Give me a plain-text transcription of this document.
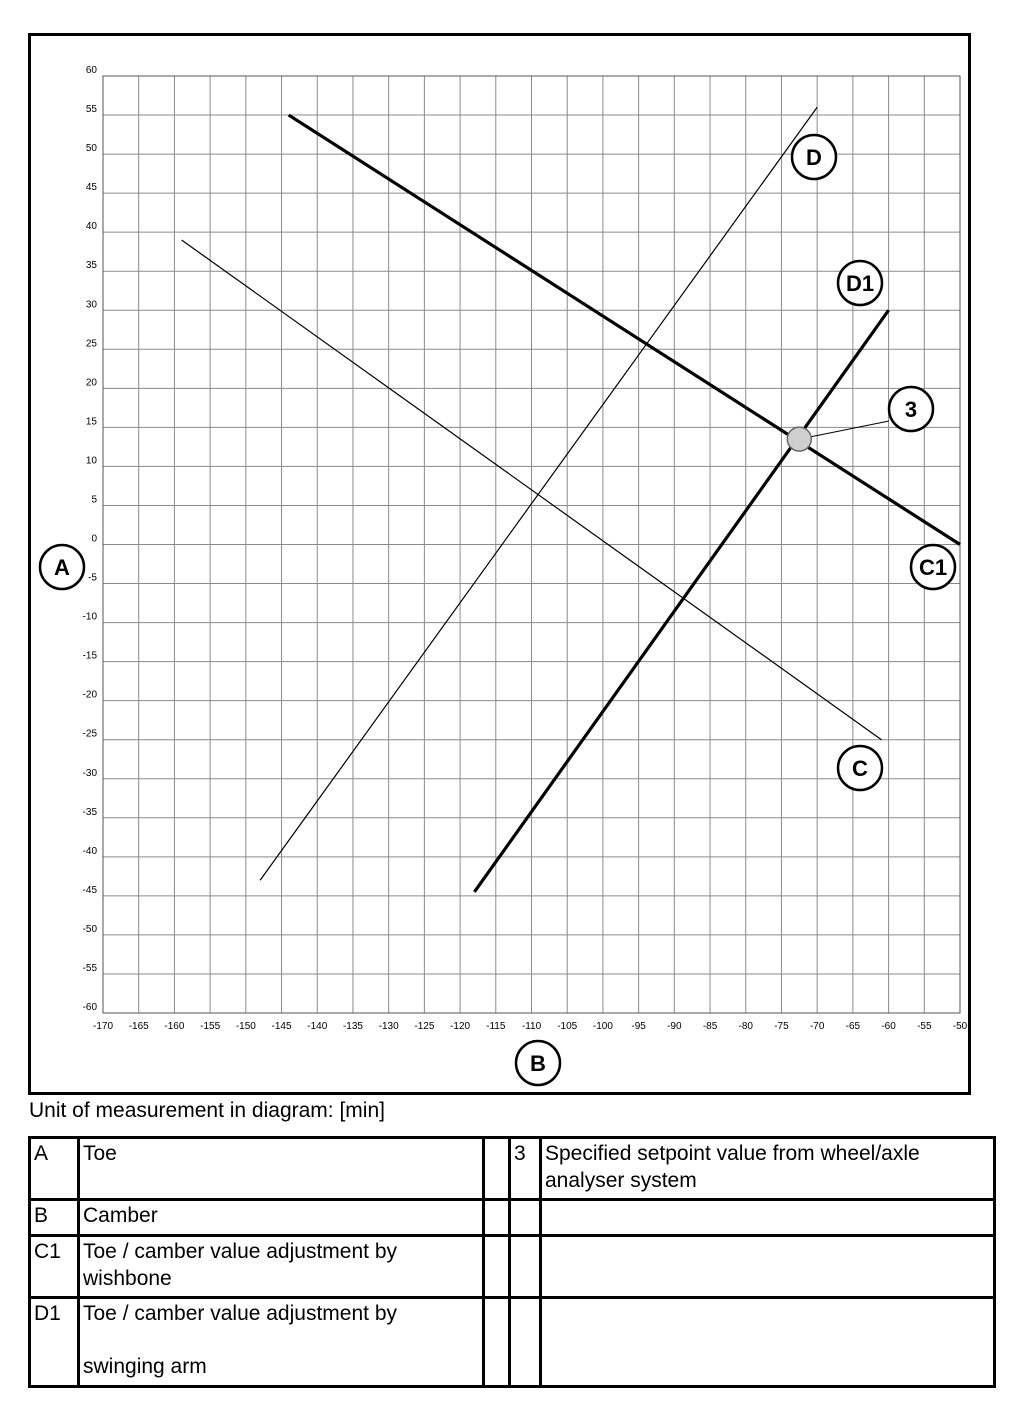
-170 -165 -160 -155 -150 -145 -140 -135 -130 -125 -120 -115 -110 -105 -100 -95 -90 -85 -80 -75 -70 -65 -60 -55 -50
60
55
50
45
40
35
30
25
20
15
10
5
0
-5
-10
-15
-20
-25
-30
-35
-40
-45
-50
-55
-60
D
D1
3
C1
C
A
B
Unit of measurement in diagram: [min]
A	Toe		3	Specified setpoint value from wheel/axle analyser system
B	Camber			
C1	Toe / camber value adjustment by wishbone			
D1	Toe / camber value adjustment by
swinging arm			
